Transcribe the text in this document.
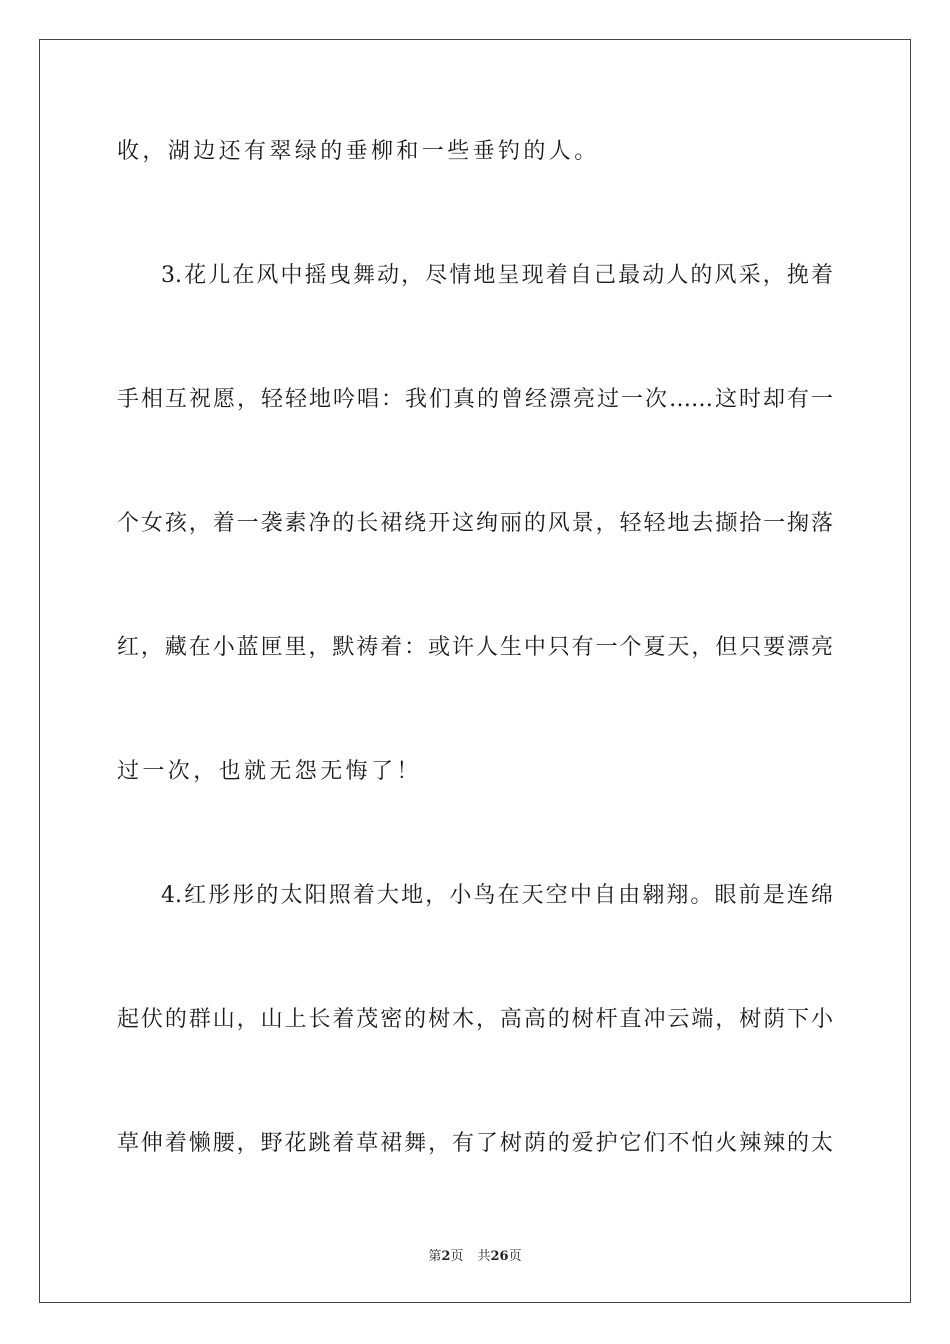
收，湖边还有翠绿的垂柳和一些垂钓的人。
3.花儿在风中摇曳舞动，尽情地呈现着自己最动人的风采，挽着
手相互祝愿，轻轻地吟唱：我们真的曾经漂亮过一次……这时却有一
个女孩，着一袭素净的长裙绕开这绚丽的风景，轻轻地去撷拾一掬落
红，藏在小蓝匣里，默祷着：或许人生中只有一个夏天，但只要漂亮
过一次，也就无怨无悔了！
4.红彤彤的太阳照着大地，小鸟在天空中自由翱翔。眼前是连绵
起伏的群山，山上长着茂密的树木，高高的树杆直冲云端，树荫下小
草伸着懒腰，野花跳着草裙舞，有了树荫的爱护它们不怕火辣辣的太
第2页 共26页
